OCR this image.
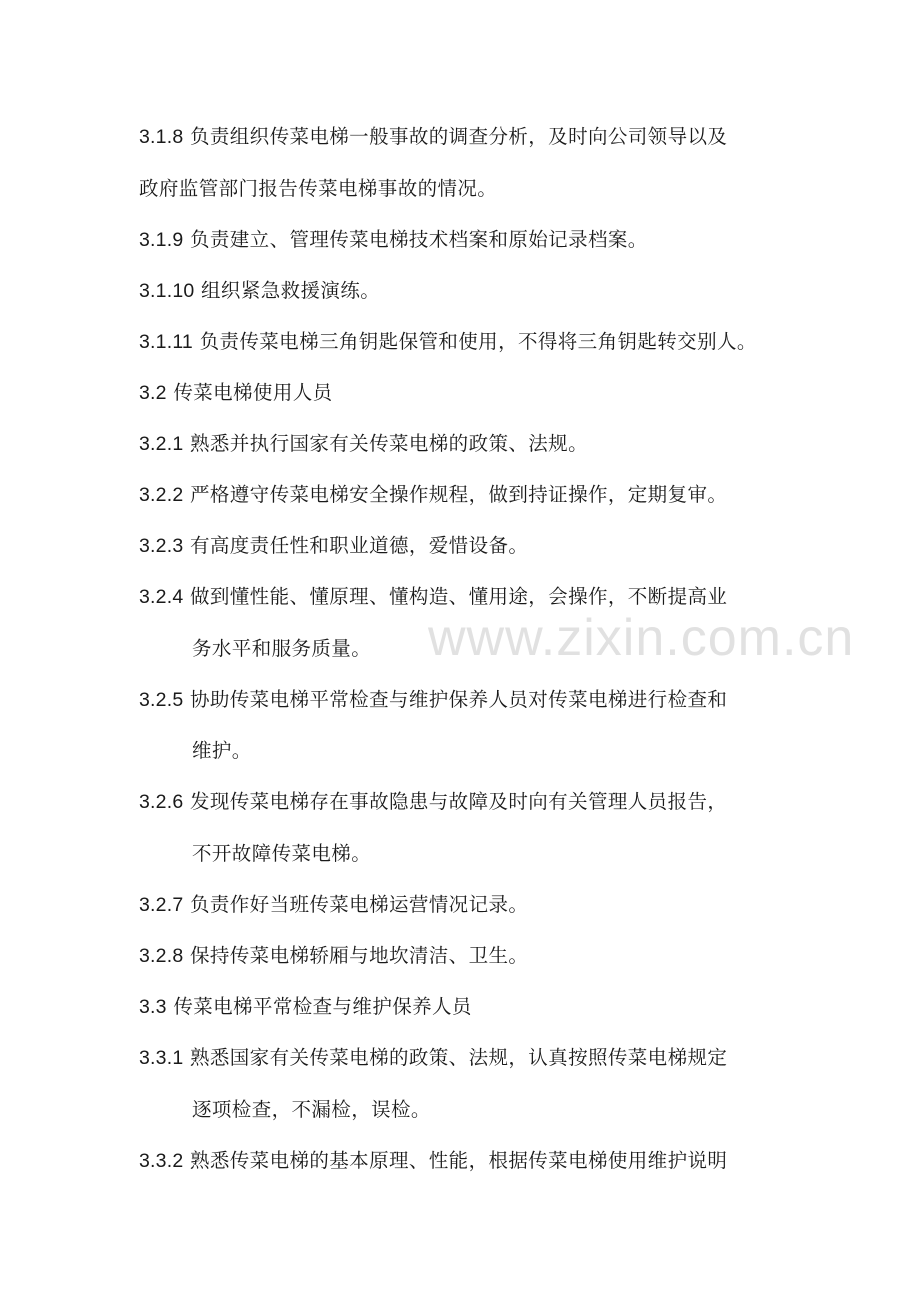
3.1.8 负责组织传菜电梯一般事故的调查分析，及时向公司领导以及
政府监管部门报告传菜电梯事故的情况。
3.1.9 负责建立、管理传菜电梯技术档案和原始记录档案。
3.1.10 组织紧急救援演练。
3.1.11 负责传菜电梯三角钥匙保管和使用，不得将三角钥匙转交别人。
3.2 传菜电梯使用人员
3.2.1 熟悉并执行国家有关传菜电梯的政策、法规。
3.2.2 严格遵守传菜电梯安全操作规程，做到持证操作，定期复审。
3.2.3 有高度责任性和职业道德，爱惜设备。
3.2.4 做到懂性能、懂原理、懂构造、懂用途，会操作，不断提高业
务水平和服务质量。
3.2.5 协助传菜电梯平常检查与维护保养人员对传菜电梯进行检查和
维护。
3.2.6 发现传菜电梯存在事故隐患与故障及时向有关管理人员报告，
不开故障传菜电梯。
3.2.7 负责作好当班传菜电梯运营情况记录。
3.2.8 保持传菜电梯轿厢与地坎清洁、卫生。
3.3 传菜电梯平常检查与维护保养人员
3.3.1 熟悉国家有关传菜电梯的政策、法规，认真按照传菜电梯规定
逐项检查，不漏检，误检。
3.3.2 熟悉传菜电梯的基本原理、性能，根据传菜电梯使用维护说明
www.zixin.com.cn
